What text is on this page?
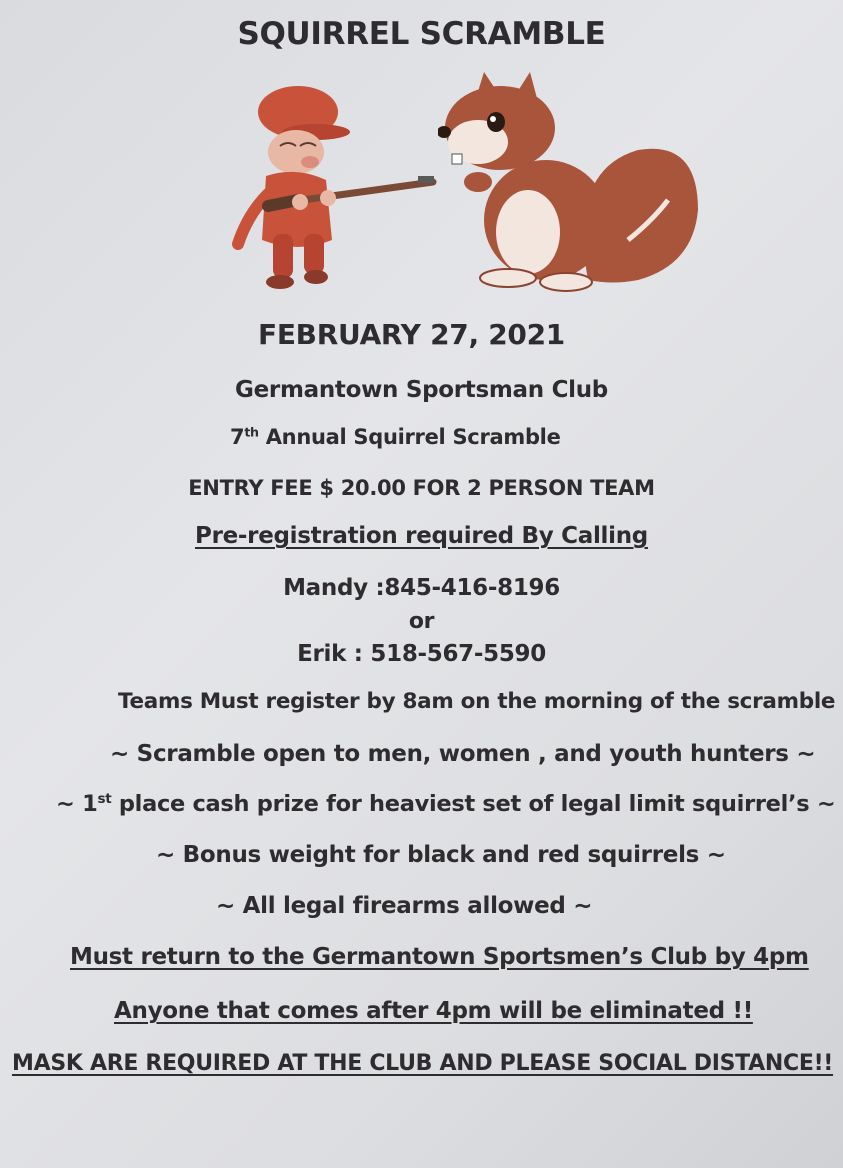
SQUIRREL SCRAMBLE
FEBRUARY 27, 2021
Germantown Sportsman Club
7th Annual Squirrel Scramble
ENTRY FEE $ 20.00 FOR 2 PERSON TEAM
Pre-registration required By Calling
Mandy :845-416-8196
or
Erik : 518-567-5590
Teams Must register by 8am on the morning of the scramble
~ Scramble open to men, women , and youth hunters ~
~ 1st place cash prize for heaviest set of legal limit squirrel’s ~
~ Bonus weight for black and red squirrels ~
~ All legal firearms allowed ~
Must return to the Germantown Sportsmen’s Club by 4pm
Anyone that comes after 4pm will be eliminated !!
MASK ARE REQUIRED AT THE CLUB AND PLEASE SOCIAL DISTANCE!!
